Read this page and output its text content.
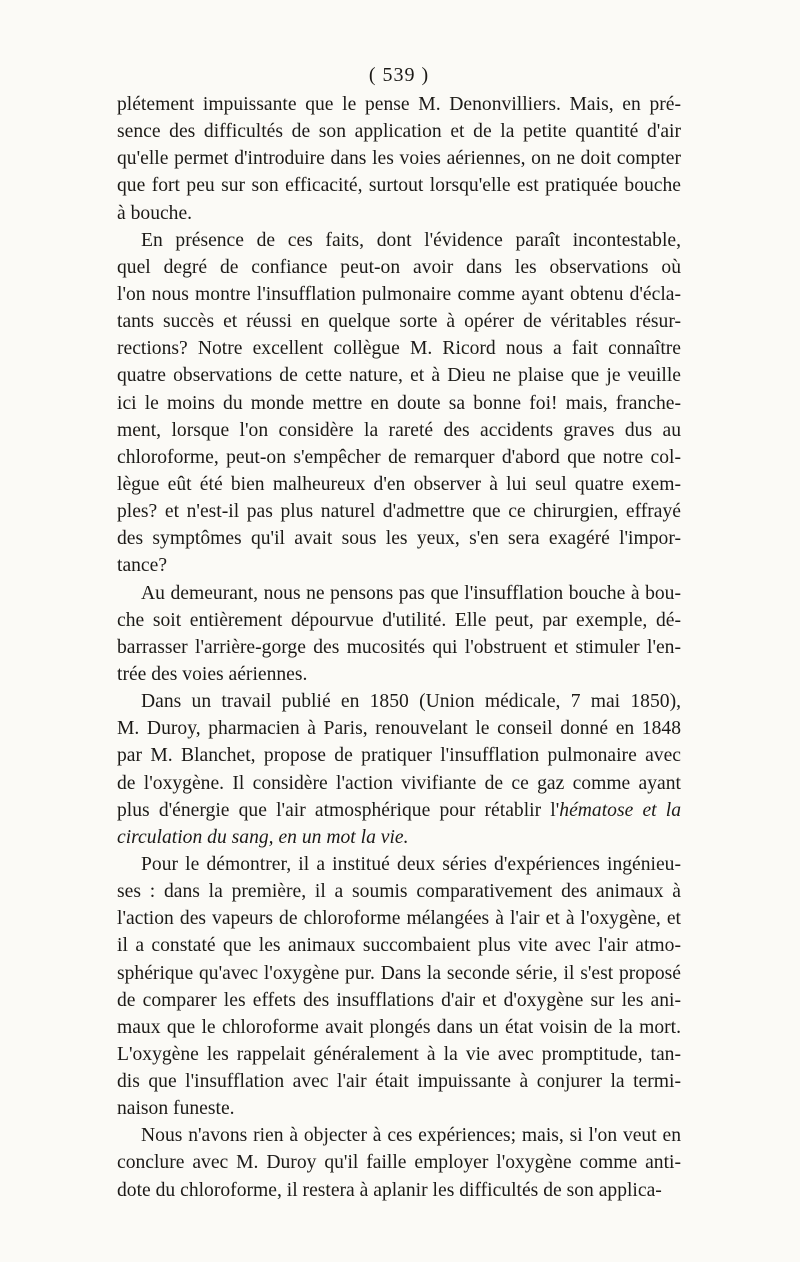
( 539 )
plétement impuissante que le pense M. Denonvilliers. Mais, en pré-
sence des difficultés de son application et de la petite quantité d'air
qu'elle permet d'introduire dans les voies aériennes, on ne doit compter
que fort peu sur son efficacité, surtout lorsqu'elle est pratiquée bouche
à bouche.
En présence de ces faits, dont l'évidence paraît incontestable,
quel degré de confiance peut-on avoir dans les observations où
l'on nous montre l'insufflation pulmonaire comme ayant obtenu d'écla-
tants succès et réussi en quelque sorte à opérer de véritables résur-
rections? Notre excellent collègue M. Ricord nous a fait connaître
quatre observations de cette nature, et à Dieu ne plaise que je veuille
ici le moins du monde mettre en doute sa bonne foi! mais, franche-
ment, lorsque l'on considère la rareté des accidents graves dus au
chloroforme, peut-on s'empêcher de remarquer d'abord que notre col-
lègue eût été bien malheureux d'en observer à lui seul quatre exem-
ples? et n'est-il pas plus naturel d'admettre que ce chirurgien, effrayé
des symptômes qu'il avait sous les yeux, s'en sera exagéré l'impor-
tance?
Au demeurant, nous ne pensons pas que l'insufflation bouche à bou-
che soit entièrement dépourvue d'utilité. Elle peut, par exemple, dé-
barrasser l'arrière-gorge des mucosités qui l'obstruent et stimuler l'en-
trée des voies aériennes.
Dans un travail publié en 1850 (Union médicale, 7 mai 1850),
M. Duroy, pharmacien à Paris, renouvelant le conseil donné en 1848
par M. Blanchet, propose de pratiquer l'insufflation pulmonaire avec
de l'oxygène. Il considère l'action vivifiante de ce gaz comme ayant
plus d'énergie que l'air atmosphérique pour rétablir l'hématose et la
circulation du sang, en un mot la vie.
Pour le démontrer, il a institué deux séries d'expériences ingénieu-
ses : dans la première, il a soumis comparativement des animaux à
l'action des vapeurs de chloroforme mélangées à l'air et à l'oxygène, et
il a constaté que les animaux succombaient plus vite avec l'air atmo-
sphérique qu'avec l'oxygène pur. Dans la seconde série, il s'est proposé
de comparer les effets des insufflations d'air et d'oxygène sur les ani-
maux que le chloroforme avait plongés dans un état voisin de la mort.
L'oxygène les rappelait généralement à la vie avec promptitude, tan-
dis que l'insufflation avec l'air était impuissante à conjurer la termi-
naison funeste.
Nous n'avons rien à objecter à ces expériences; mais, si l'on veut en
conclure avec M. Duroy qu'il faille employer l'oxygène comme anti-
dote du chloroforme, il restera à aplanir les difficultés de son applica-
